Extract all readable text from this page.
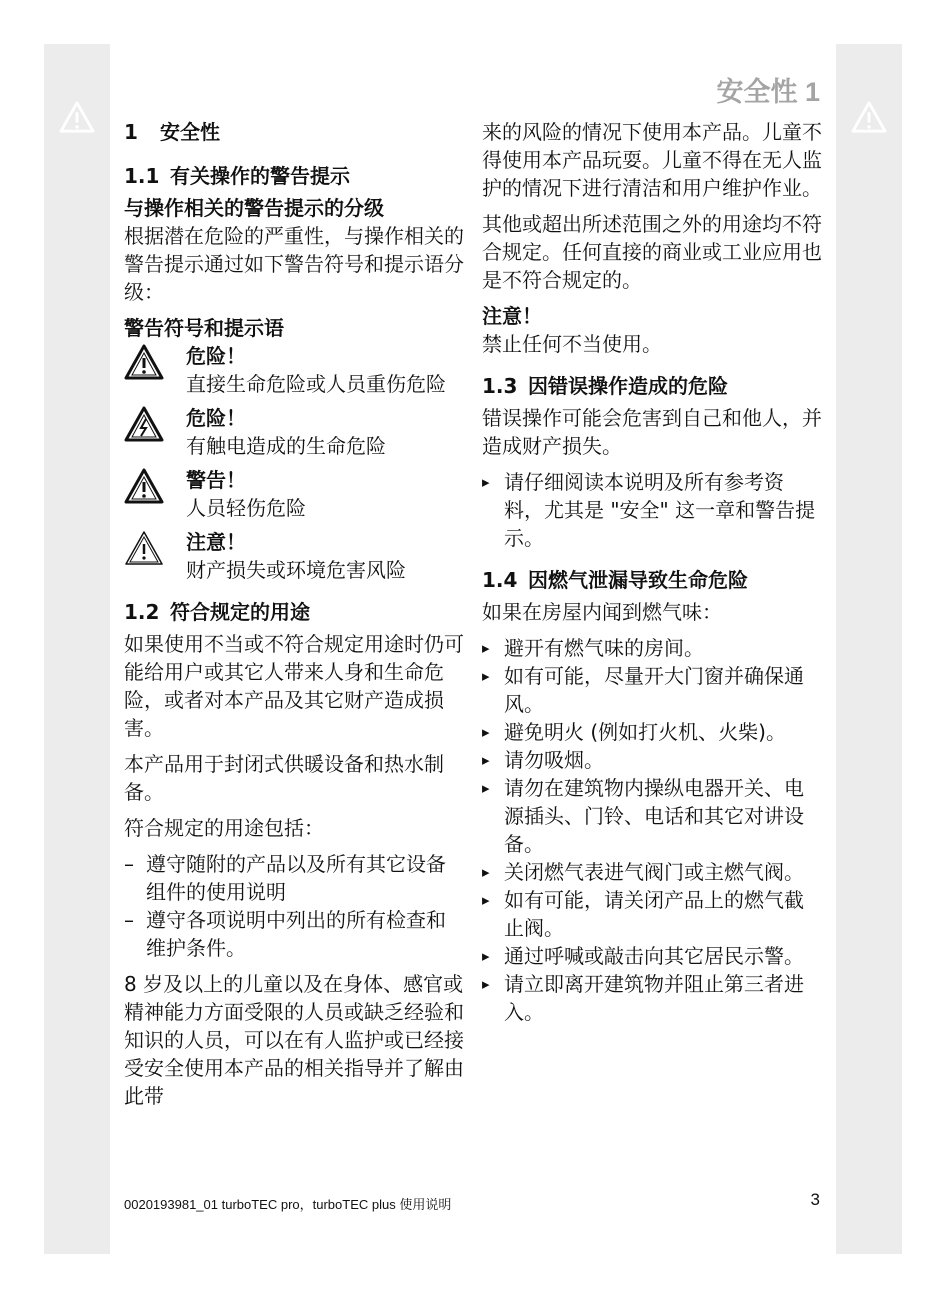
安全性 1
1 安全性
1.1 有关操作的警告提示
与操作相关的警告提示的分级

根据潜在危险的严重性，与操作相关的警告提示通过如下警告符号和提示语分级：

警告符号和提示语
危险！
直接生命危险或人员重伤危险
危险！
有触电造成的生命危险
警告！
人员轻伤危险
注意！
财产损失或环境危害风险
1.2 符合规定的用途

如果使用不当或不符合规定用途时仍可能给用户或其它人带来人身和生命危险，或者对本产品及其它财产造成损害。

本产品用于封闭式供暖设备和热水制备。

符合规定的用途包括：

– 遵守随附的产品以及所有其它设备组件的使用说明
– 遵守各项说明中列出的所有检查和维护条件。

8 岁及以上的儿童以及在身体、感官或精神能力方面受限的人员或缺乏经验和知识的人员，可以在有人监护或已经接受安全使用本产品的相关指导并了解由此带

来的风险的情况下使用本产品。儿童不得使用本产品玩耍。儿童不得在无人监护的情况下进行清洁和用户维护作业。

其他或超出所述范围之外的用途均不符合规定。任何直接的商业或工业应用也是不符合规定的。

注意！

禁止任何不当使用。

1.3 因错误操作造成的危险

错误操作可能会危害到自己和他人，并造成财产损失。

▸ 请仔细阅读本说明及所有参考资料，尤其是 "安全" 这一章和警告提示。
1.4 因燃气泄漏导致生命危险

如果在房屋内闻到燃气味：

▸ 避开有燃气味的房间。
▸ 如有可能，尽量开大门窗并确保通风。
▸ 避免明火 (例如打火机、火柴)。
▸ 请勿吸烟。
▸ 请勿在建筑物内操纵电器开关、电源插头、门铃、电话和其它对讲设备。
▸ 关闭燃气表进气阀门或主燃气阀。
▸ 如有可能，请关闭产品上的燃气截止阀。
▸ 通过呼喊或敲击向其它居民示警。
▸ 请立即离开建筑物并阻止第三者进入。
0020193981_01 turboTEC pro，turboTEC plus 使用说明	3
